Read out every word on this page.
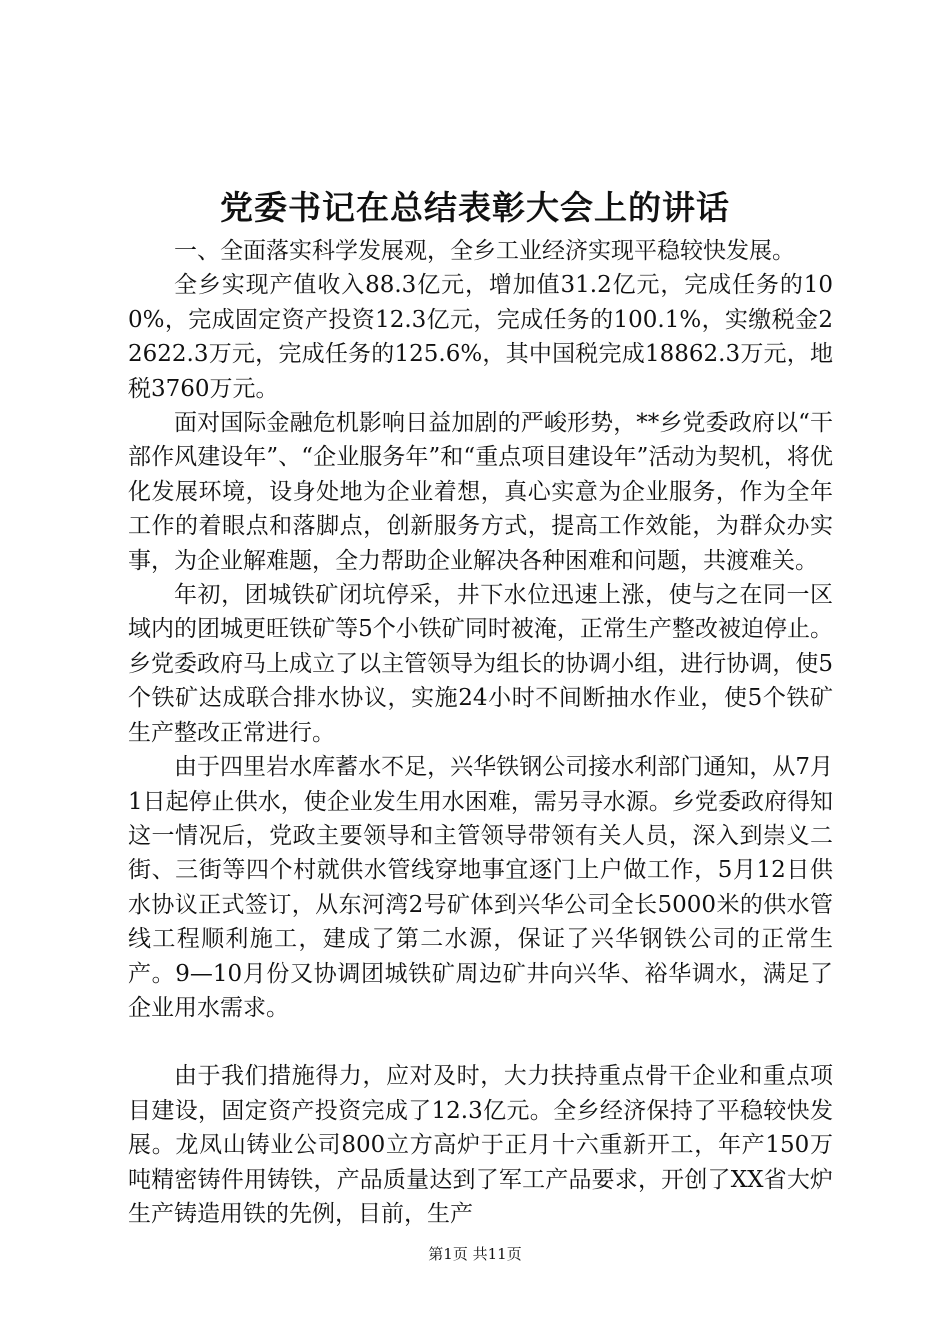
党委书记在总结表彰大会上的讲话

一、全面落实科学发展观，全乡工业经济实现平稳较快发展。

全乡实现产值收入88.3亿元，增加值31.2亿元，完成任务的100%，完成固定资产投资12.3亿元，完成任务的100.1%，实缴税金22622.3万元，完成任务的125.6%，其中国税完成18862.3万元，地税3760万元。

面对国际金融危机影响日益加剧的严峻形势，**乡党委政府以“干部作风建设年”、“企业服务年”和“重点项目建设年”活动为契机，将优化发展环境，设身处地为企业着想，真心实意为企业服务，作为全年工作的着眼点和落脚点，创新服务方式，提高工作效能，为群众办实事，为企业解难题，全力帮助企业解决各种困难和问题，共渡难关。

年初，团城铁矿闭坑停采，井下水位迅速上涨，使与之在同一区域内的团城更旺铁矿等5个小铁矿同时被淹，正常生产整改被迫停止。乡党委政府马上成立了以主管领导为组长的协调小组，进行协调，使5个铁矿达成联合排水协议，实施24小时不间断抽水作业，使5个铁矿生产整改正常进行。

由于四里岩水库蓄水不足，兴华铁钢公司接水利部门通知，从7月1日起停止供水，使企业发生用水困难，需另寻水源。乡党委政府得知这一情况后，党政主要领导和主管领导带领有关人员，深入到崇义二街、三街等四个村就供水管线穿地事宜逐门上户做工作，5月12日供水协议正式签订，从东河湾2号矿体到兴华公司全长5000米的供水管线工程顺利施工，建成了第二水源，保证了兴华钢铁公司的正常生产。9—10月份又协调团城铁矿周边矿井向兴华、裕华调水，满足了企业用水需求。

由于我们措施得力，应对及时，大力扶持重点骨干企业和重点项目建设，固定资产投资完成了12.3亿元。全乡经济保持了平稳较快发展。龙凤山铸业公司800立方高炉于正月十六重新开工，年产150万吨精密铸件用铸铁，产品质量达到了军工产品要求，开创了XX省大炉生产铸造用铁的先例，目前，生产

第1页 共11页
